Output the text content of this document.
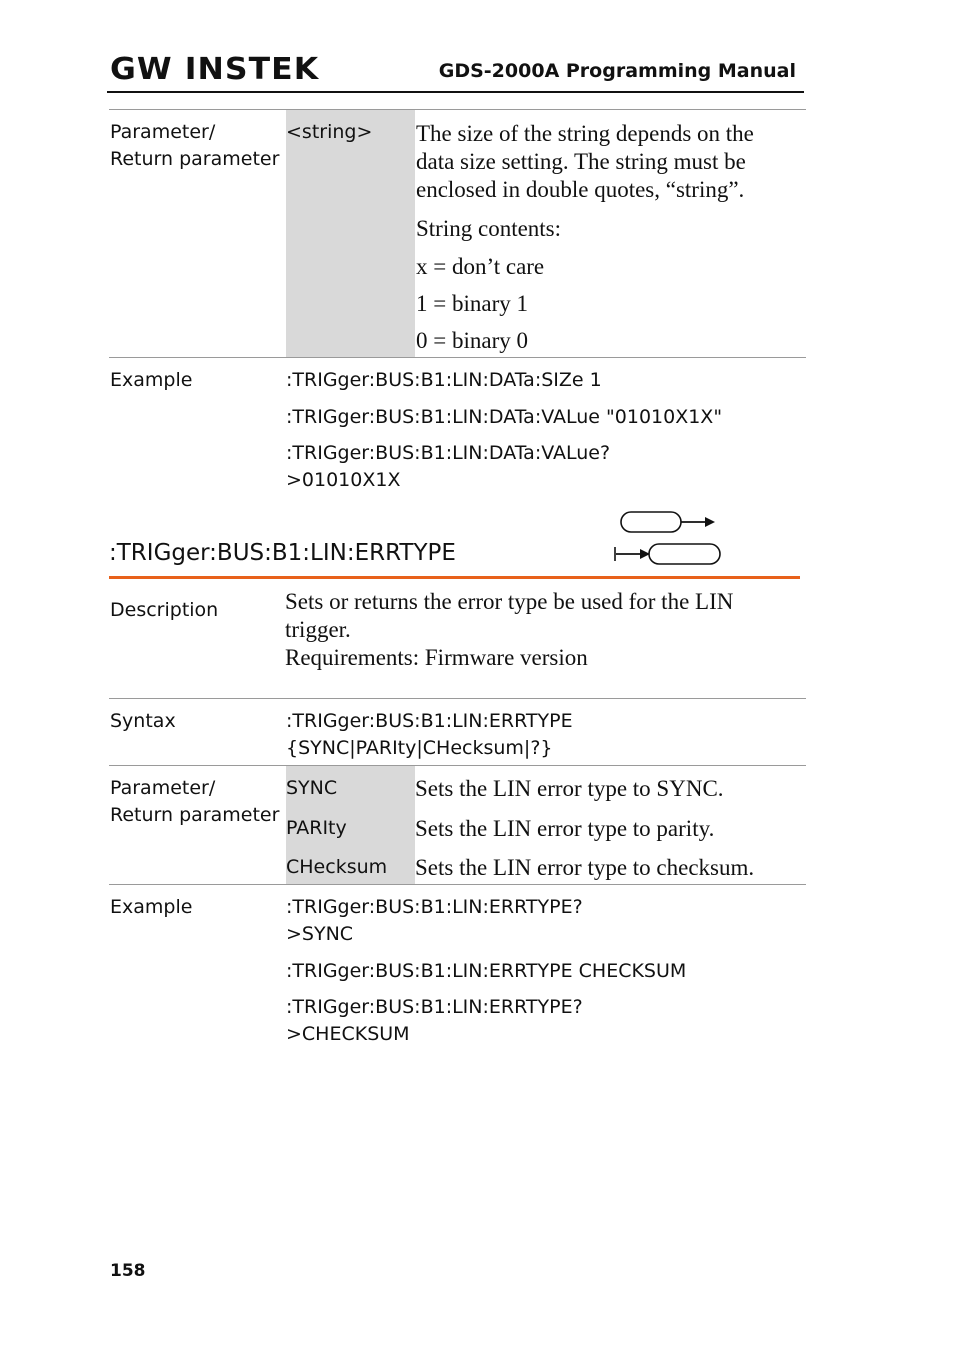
GW INSTEK	GDS-2000A Programming Manual
Parameter/
Return parameter
<string> The size of the string depends on the
data size setting. The string must be
enclosed in double quotes, “string”.
String contents:
x = don’t care
1 = binary 1
0 = binary 0
Example	:TRIGger:BUS:B1:LIN:DATa:SIZe 1
:TRIGger:BUS:B1:LIN:DATa:VALue "01010X1X"
:TRIGger:BUS:B1:LIN:DATa:VALue?
>01010X1X
:TRIGger:BUS:B1:LIN:ERRTYPE
Description	Sets or returns the error type be used for the LIN
trigger.
Requirements: Firmware version
Syntax	:TRIGger:BUS:B1:LIN:ERRTYPE
{SYNC|PARIty|CHecksum|?}
Parameter/
Return parameter
SYNC	Sets the LIN error type to SYNC.
PARIty	Sets the LIN error type to parity.
CHecksum Sets the LIN error type to checksum.
Example	:TRIGger:BUS:B1:LIN:ERRTYPE?
>SYNC
:TRIGger:BUS:B1:LIN:ERRTYPE CHECKSUM
:TRIGger:BUS:B1:LIN:ERRTYPE?
>CHECKSUM
158
